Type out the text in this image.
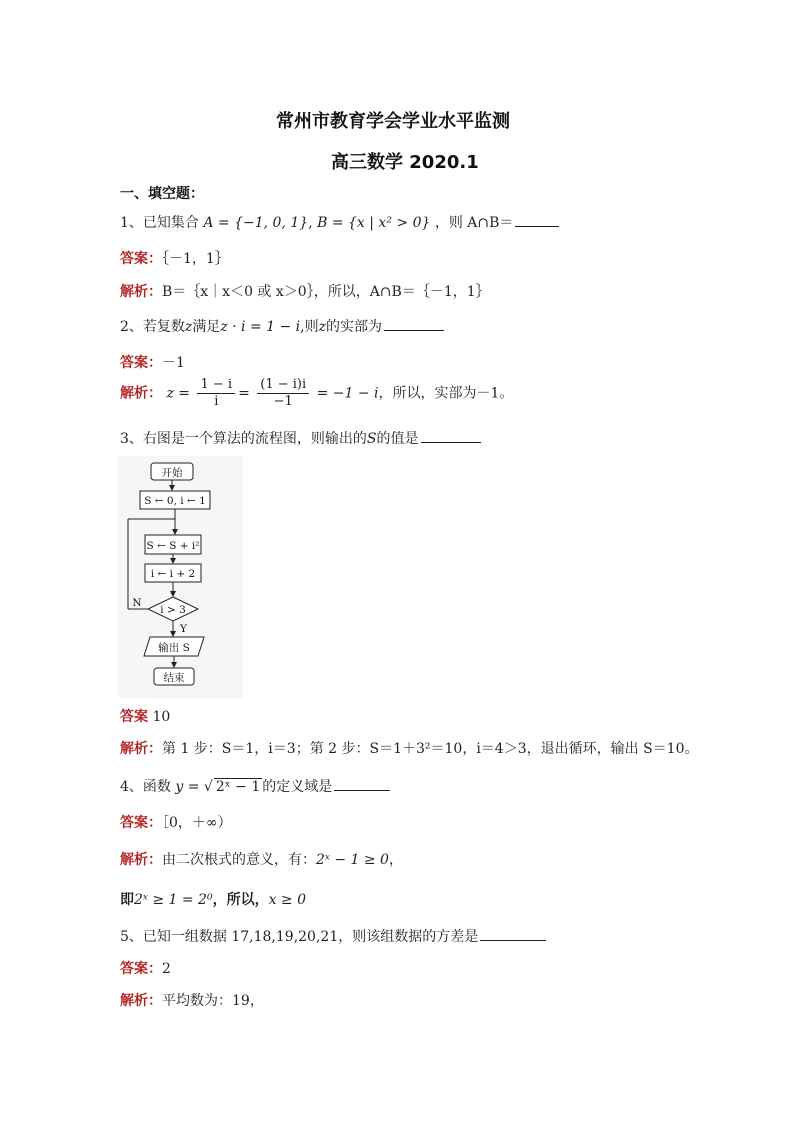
常州市教育学会学业水平监测
高三数学 2020.1
一、填空题：
1、已知集合 A = {−1, 0, 1}, B = {x | x² > 0} ，则 A∩B＝
答案：｛－1，1｝
解析：B＝｛x｜x＜0 或 x＞0｝，所以，A∩B＝｛－1，1｝
2、若复数z满足z · i = 1 − i,则z的实部为
答案：－1
解析： $z = \frac{1 - i}{i} = \frac{(1 - i)i}{-1} = -1 - i$，所以，实部为－1。
3、右图是一个算法的流程图，则输出的S的值是
开始
S ← 0, i ← 1
S ← S + i²
i ← i + 2
i > 3
N
Y
输出 S
结束
答案 10
解析：第 1 步：S＝1，i＝3；第 2 步：S＝1＋3²＝10，i＝4＞3，退出循环，输出 S＝10。
4、函数 y = √ 2ˣ − 1 的定义域是
答案：［0，＋∞）
解析：由二次根式的意义，有：2ˣ − 1 ≥ 0，
即2ˣ ≥ 1 = 2⁰，所以，x ≥ 0
5、已知一组数据 17,18,19,20,21，则该组数据的方差是
答案：2
解析：平均数为：19，
